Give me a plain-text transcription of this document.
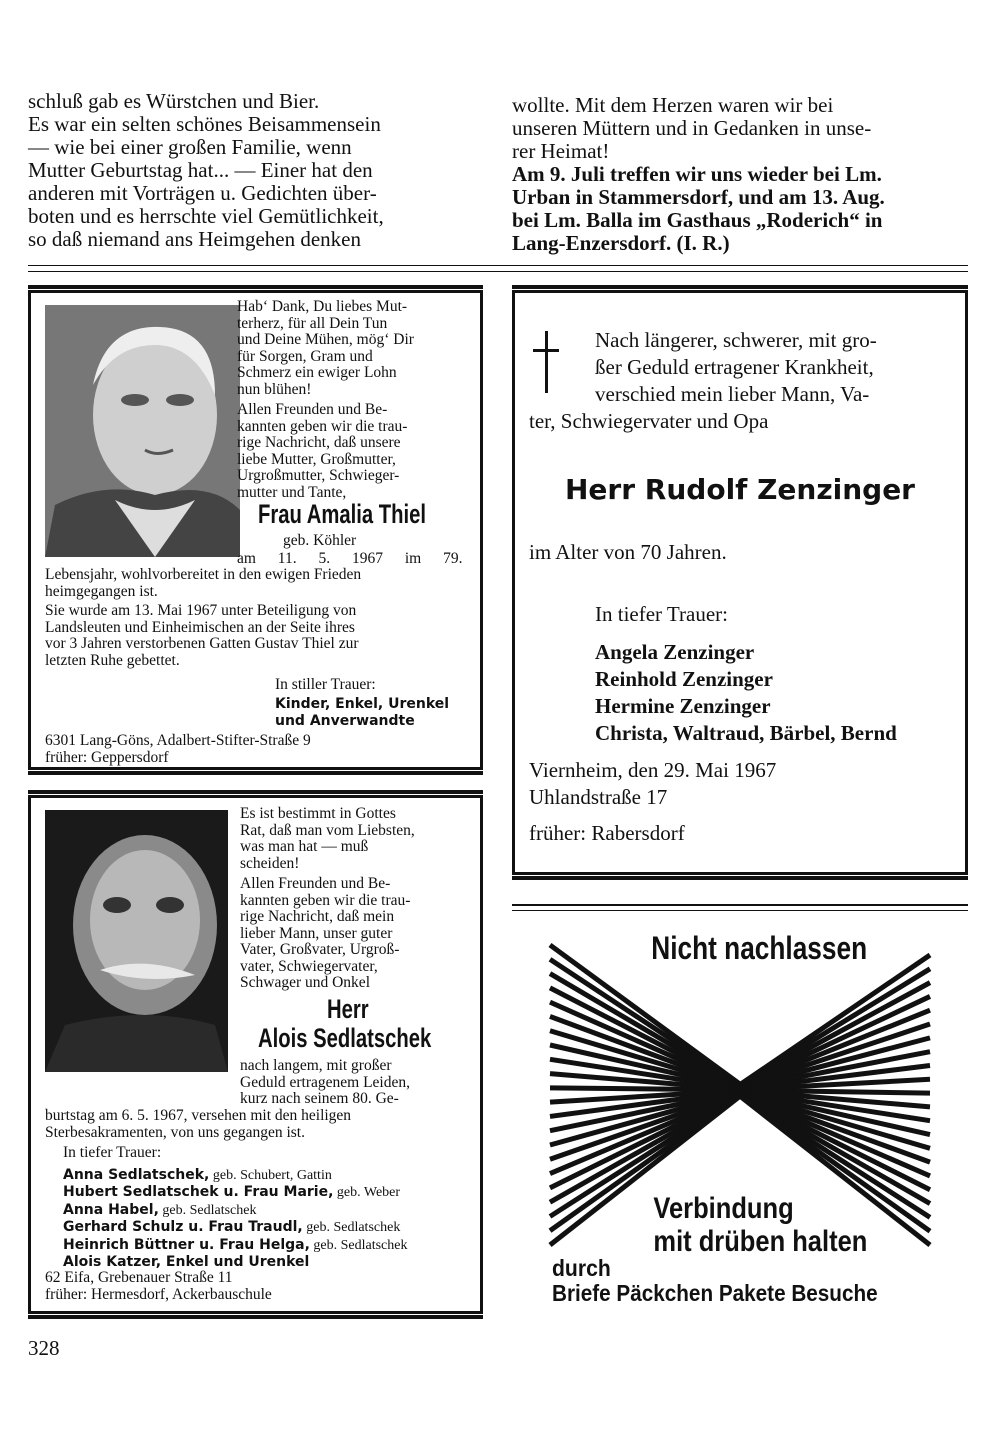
schluß gab es Würstchen und Bier.

Es war ein selten schönes Beisammensein

— wie bei einer großen Familie, wenn

Mutter Geburtstag hat... — Einer hat den

anderen mit Vorträgen u. Gedichten über-

boten und es herrschte viel Gemütlichkeit,

so daß niemand ans Heimgehen denken

wollte. Mit dem Herzen waren wir bei

unseren Müttern und in Gedanken in unse-

rer Heimat!

Am 9. Juli treffen wir uns wieder bei Lm.

Urban in Stammersdorf, und am 13. Aug.

bei Lm. Balla im Gasthaus „Roderich“ in

Lang-Enzersdorf. (I. R.)

Hab‘ Dank, Du liebes Mut-

terherz, für all Dein Tun

und Deine Mühen, mög‘ Dir

für Sorgen, Gram und

Schmerz ein ewiger Lohn

nun blühen!

Allen Freunden und Be-

kannten geben wir die trau-

rige Nachricht, daß unsere

liebe Mutter, Großmutter,

Urgroßmutter, Schwieger-

mutter und Tante,

Frau Amalia Thiel
geb. Köhler
am 11. 5. 1967 im 79.

Lebensjahr, wohlvorbereitet in den ewigen Frieden

heimgegangen ist.

Sie wurde am 13. Mai 1967 unter Beteiligung von

Landsleuten und Einheimischen an der Seite ihres

vor 3 Jahren verstorbenen Gatten Gustav Thiel zur

letzten Ruhe gebettet.

In stiller Trauer:
Kinder, Enkel, Urenkel
und Anverwandte
6301 Lang-Göns, Adalbert-Stifter-Straße 9
früher: Geppersdorf

Es ist bestimmt in Gottes

Rat, daß man vom Liebsten,

was man hat — muß

scheiden!

Allen Freunden und Be-

kannten geben wir die trau-

rige Nachricht, daß mein

lieber Mann, unser guter

Vater, Großvater, Urgroß-

vater, Schwiegervater,

Schwager und Onkel

Herr
Alois Sedlatschek

nach langem, mit großer

Geduld ertragenem Leiden,

kurz nach seinem 80. Ge-

burtstag am 6. 5. 1967, versehen mit den heiligen

Sterbesakramenten, von uns gegangen ist.

In tiefer Trauer:
Anna Sedlatschek, geb. Schubert, Gattin
Hubert Sedlatschek u. Frau Marie, geb. Weber
Anna Habel, geb. Sedlatschek
Gerhard Schulz u. Frau Traudl, geb. Sedlatschek
Heinrich Büttner u. Frau Helga, geb. Sedlatschek
Alois Katzer, Enkel und Urenkel
62 Eifa, Grebenauer Straße 11
früher: Hermesdorf, Ackerbauschule

Nach längerer, schwerer, mit gro-

ßer Geduld ertragener Krankheit,

verschied mein lieber Mann, Va-

ter, Schwiegervater und Opa
Herr Rudolf Zenzinger
im Alter von 70 Jahren.
In tiefer Trauer:

Angela Zenzinger

Reinhold Zenzinger

Hermine Zenzinger

Christa, Waltraud, Bärbel, Bernd

Viernheim, den 29. Mai 1967

Uhlandstraße 17

früher: Rabersdorf
Nicht nachlassen
Verbindung
mit drüben halten
durch
Briefe Päckchen Pakete Besuche
328
